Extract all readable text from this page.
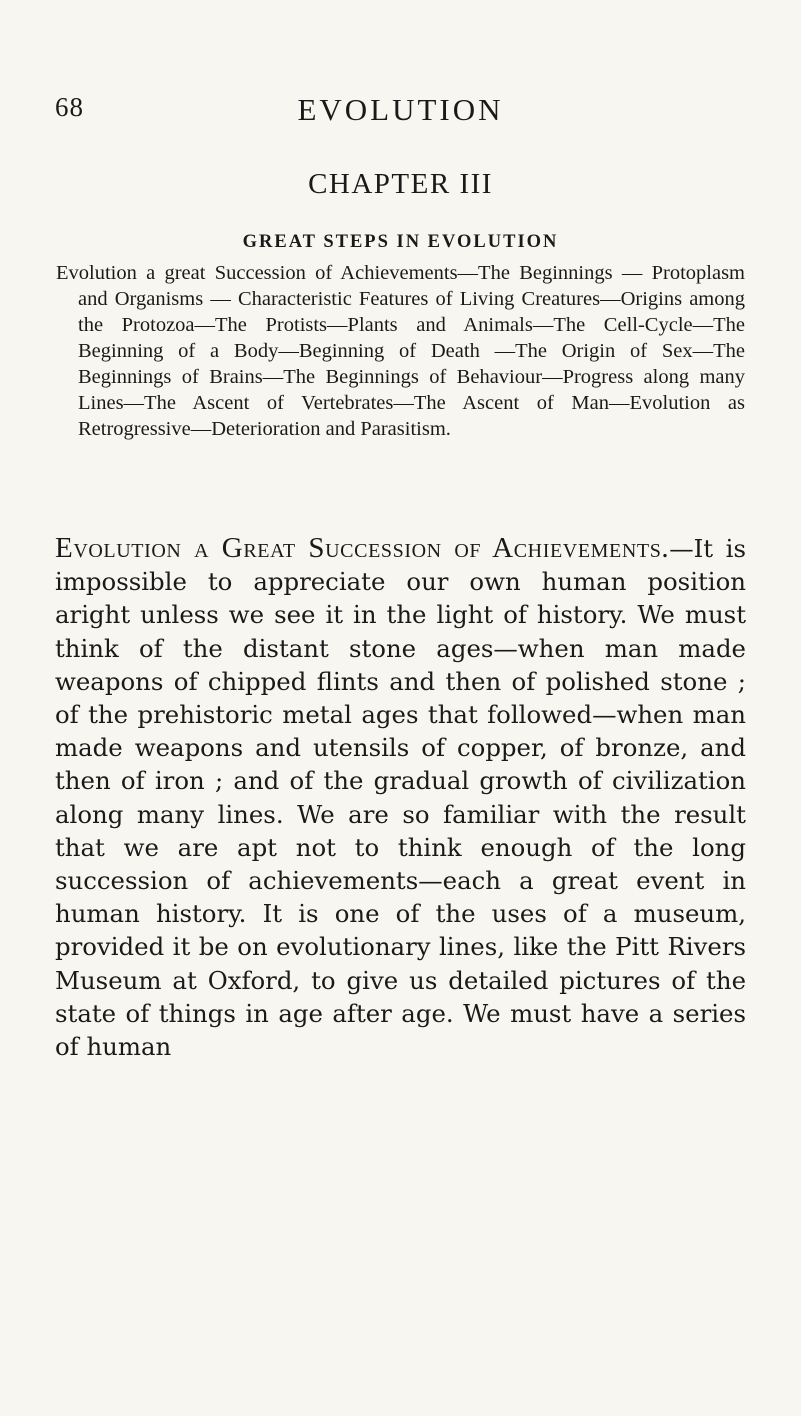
68	EVOLUTION
CHAPTER III
GREAT STEPS IN EVOLUTION
Evolution a great Succession of Achievements—The Beginnings — Protoplasm and Organisms — Characteristic Features of Living Creatures—Origins among the Protozoa—The Protists—Plants and Animals—The Cell-Cycle—The Beginning of a Body—Beginning of Death —The Origin of Sex—The Beginnings of Brains—The Beginnings of Behaviour—Progress along many Lines—The Ascent of Vertebrates—The Ascent of Man—Evolution as Retrogressive—Deterioration and Parasitism.
Evolution a Great Succession of Achievements.—It is impossible to appreciate our own human position aright unless we see it in the light of history. We must think of the distant stone ages—when man made weapons of chipped flints and then of polished stone ; of the prehistoric metal ages that followed—when man made weapons and utensils of copper, of bronze, and then of iron ; and of the gradual growth of civilization along many lines. We are so familiar with the result that we are apt not to think enough of the long succession of achievements—each a great event in human history. It is one of the uses of a museum, provided it be on evolutionary lines, like the Pitt Rivers Museum at Oxford, to give us detailed pictures of the state of things in age after age. We must have a series of human
